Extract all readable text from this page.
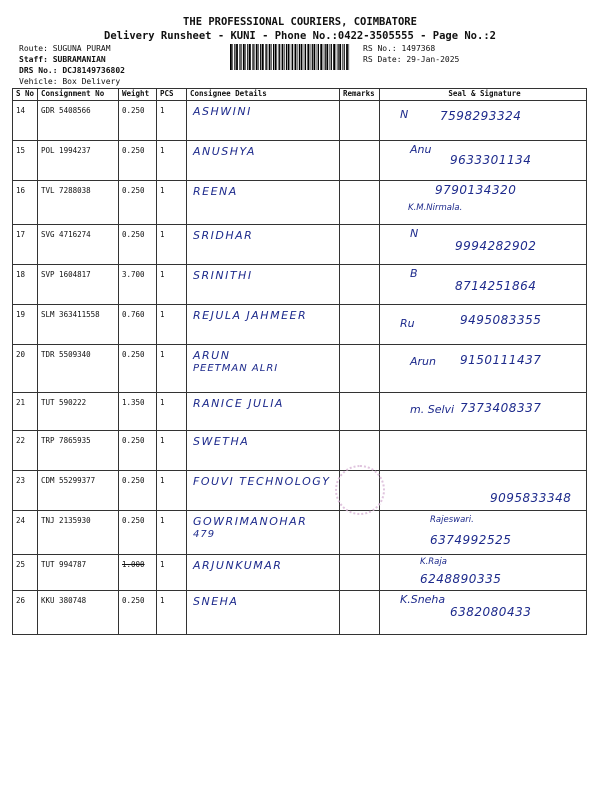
THE PROFESSIONAL COURIERS, COIMBATORE
Delivery Runsheet - KUNI - Phone No.:0422-3505555 - Page No.:2
Route: SUGUNA PURAM
Staff: SUBRAMANIAN
DRS No.: DCJ8149736802
Vehicle: Box Delivery
RS No.: 1497368
RS Date: 29-Jan-2025
S No	Consignment No	Weight	PCS	Consignee Details	Remarks	Seal & Signature
14	GDR 5408566	0.250	1	ASHWINI		N 7598293324

15	POL 1994237	0.250	1	ANUSHYA		Anu
9633301134

16	TVL 7288038	0.250	1	REENA		9790134320
K.M.Nirmala.

17	SVG 4716274	0.250	1	SRIDHAR		N
9994282902

18	SVP 1604817	3.700	1	SRINITHI		B
8714251864

19	SLM 363411558	0.760	1	REJULA JAHMEER		Ru 9495083355

20	TDR 5509340	0.250	1	ARUN
PEETMAN ALRI		Arun 9150111437

21	TUT 590222	1.350	1	RANICE JULIA		m. Selvi 7373408337

22	TRP 7865935	0.250	1	SWETHA		

23	CDM 55299377	0.250	1	FOUVI TECHNOLOGY		9095833348

24	TNJ 2135930	0.250	1	GOWRIMANOHAR
479		6374992525
Rajeswari.

25	TUT 994787	1.000	1	ARJUNKUMAR		6248890335
K.Raja

26	KKU 380748	0.250	1	SNEHA		K.Sneha
6382080433
